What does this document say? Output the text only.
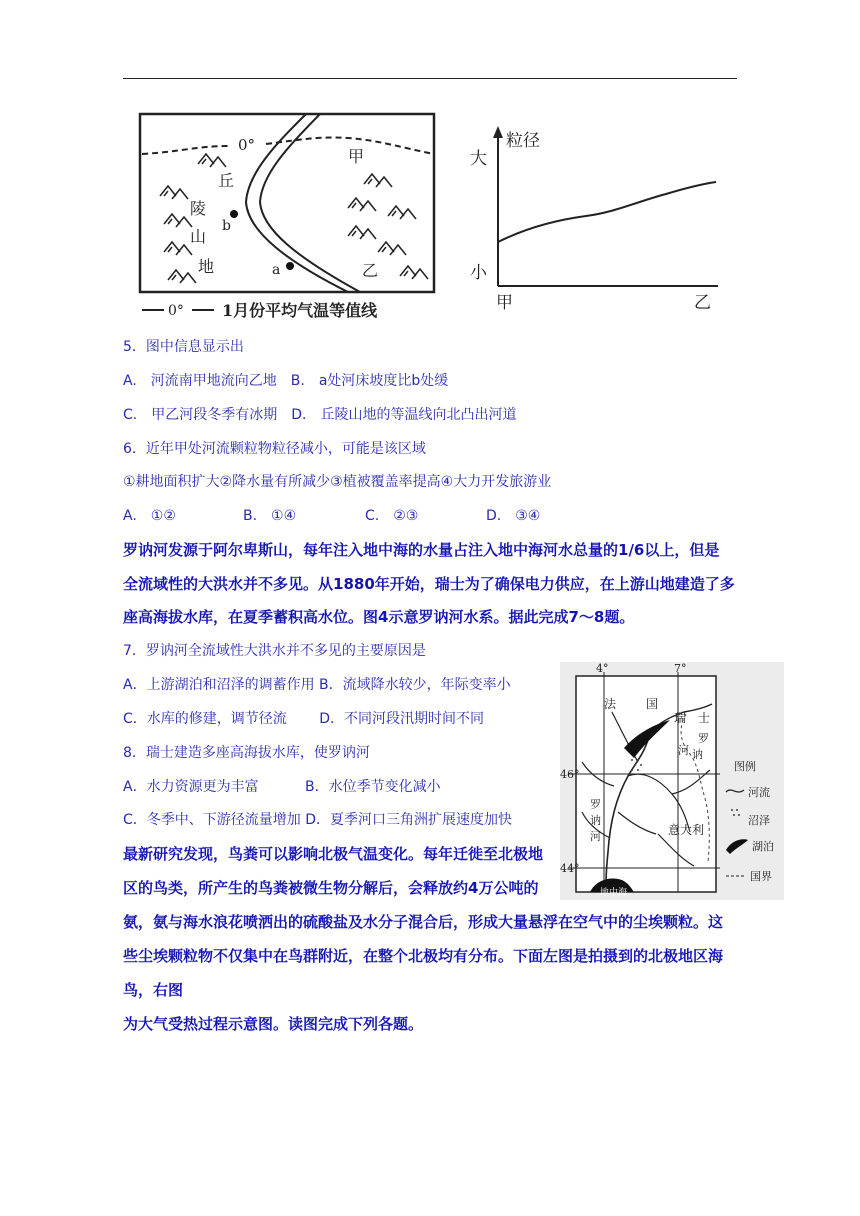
0°
b
a
甲
乙
丘
陵
山
地
0° 1月份平均气温等值线
粒径
大
小
甲	乙
5．图中信息显示出
A.　河流南甲地流向乙地　B.　a处河床坡度比b处缓
C.　甲乙河段冬季有冰期　D.　丘陵山地的等温线向北凸出河道
6．近年甲处河流颗粒物粒径减小，可能是该区域
①耕地面积扩大②降水量有所减少③植被覆盖率提高④大力开发旅游业
A.　①②	B.　①④	C.　②③	D.　③④
罗讷河发源于阿尔卑斯山，每年注入地中海的水量占注入地中海河水总量的1/6以上，但是
全流域性的大洪水并不多见。从1880年开始，瑞士为了确保电力供应，在上游山地建造了多
座高海拔水库，在夏季蓄积高水位。图4示意罗讷河水系。据此完成7～8题。
7．罗讷河全流域性大洪水并不多见的主要原因是
A．上游湖泊和沼泽的调蓄作用 B．流域降水较少，年际变率小
C．水库的修建，调节径流　　 D．不同河段汛期时间不同
8．瑞士建造多座高海拔水库，使罗讷河
A．水力资源更为丰富　　　 B．水位季节变化减小
C．冬季中、下游径流量增加 D．夏季河口三角洲扩展速度加快
最新研究发现，鸟粪可以影响北极气温变化。每年迁徙至北极地
区的鸟类，所产生的鸟粪被微生物分解后，会释放约4万公吨的
氨，氨与海水浪花喷洒出的硫酸盐及水分子混合后，形成大量悬浮在空气中的尘埃颗粒。这
些尘埃颗粒物不仅集中在鸟群附近，在整个北极均有分布。下面左图是拍摄到的北极地区海
鸟，右图
为大气受热过程示意图。读图完成下列各题。
4°	7°
46°
44°
法 国
瑞 士
罗
讷
河
罗
讷
河	意大利
地中海
图例
河流
沼泽
湖泊
国界
